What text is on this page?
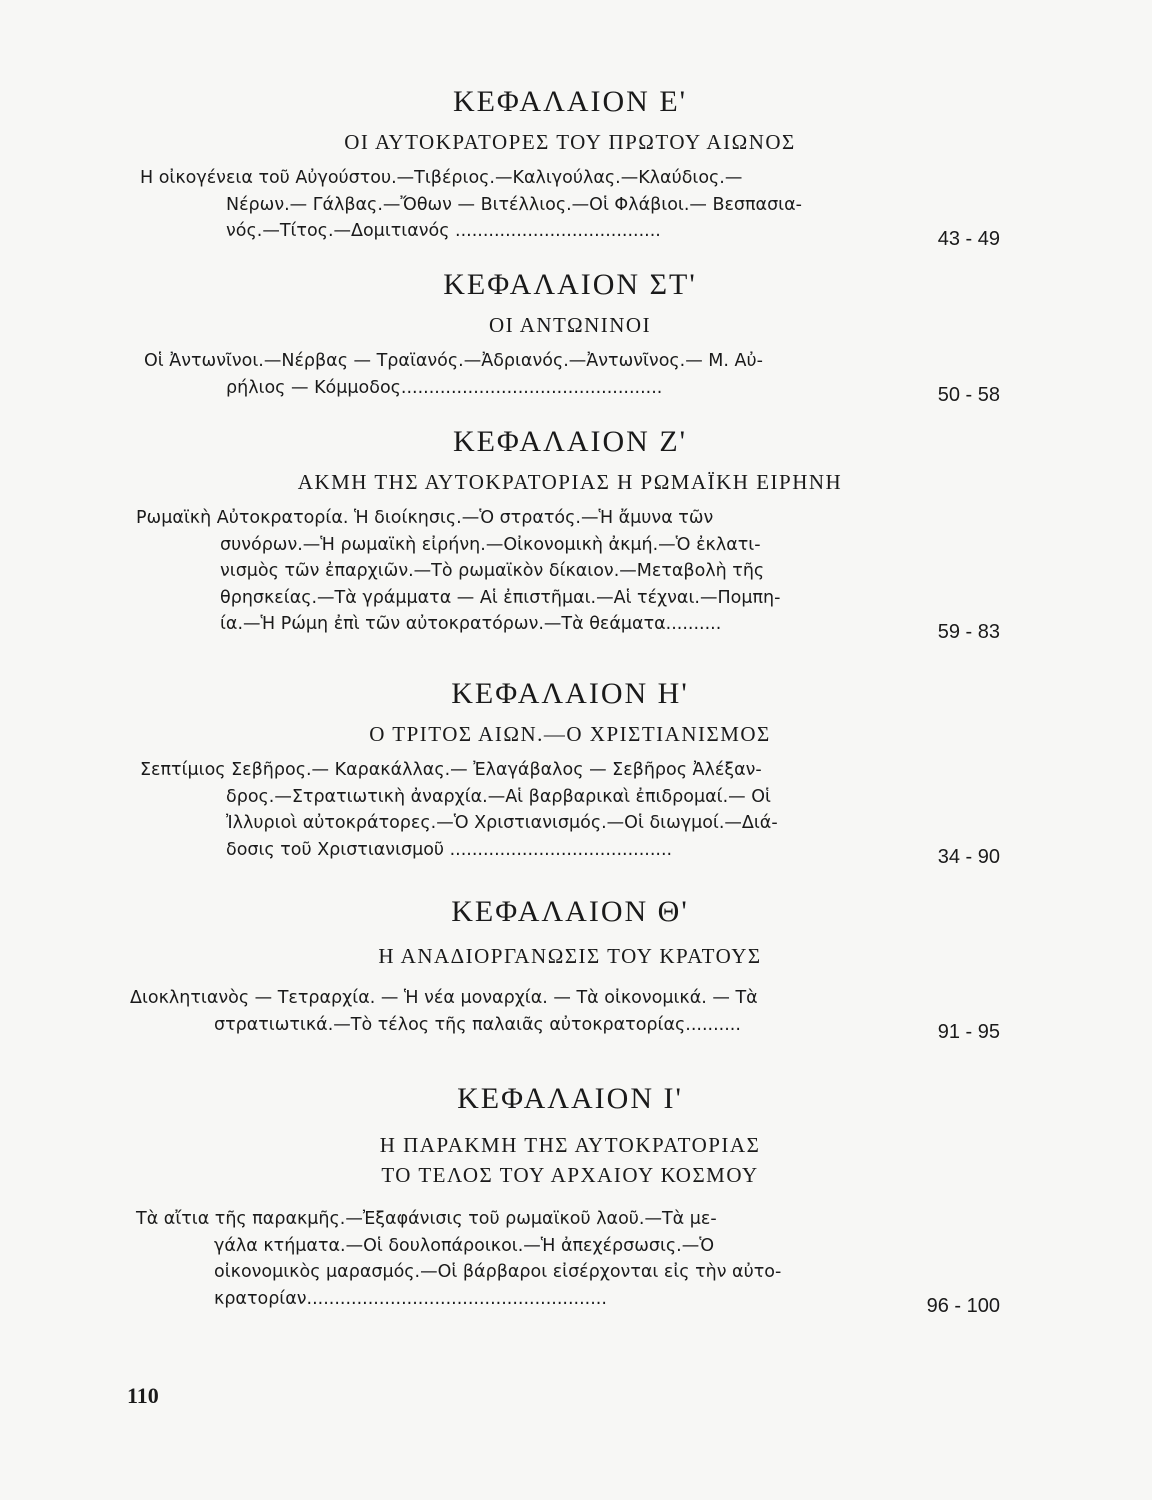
ΚΕΦΑΛΑΙΟΝ Ε'
ΟΙ ΑΥΤΟΚΡΑΤΟΡΕΣ ΤΟΥ ΠΡΩΤΟΥ ΑΙΩΝΟΣ
Η οἰκογένεια τοῦ Αὐγούστου.—Τιβέριος.—Καλιγούλας.—Κλαύδιος.—
Νέρων.— Γάλβας.—Ὄθων — Βιτέλλιος.—Οἱ Φλάβιοι.— Βεσπασια-
νός.—Τίτος.—Δομιτιανός .....................................	43 - 49
ΚΕΦΑΛΑΙΟΝ ΣΤ'
ΟΙ ΑΝΤΩΝΙΝΟΙ
Οἱ Ἀντωνῖνοι.—Νέρβας — Τραϊανός.—Ἀδριανός.—Ἀντωνῖνος.— Μ. Αὐ-
ρήλιος — Κόμμοδος...............................................	50 - 58
ΚΕΦΑΛΑΙΟΝ Ζ'
ΑΚΜΗ ΤΗΣ ΑΥΤΟΚΡΑΤΟΡΙΑΣ Η ΡΩΜΑΪΚΗ ΕΙΡΗΝΗ
Ρωμαϊκὴ Αὐτοκρατορία. Ἡ διοίκησις.—Ὁ στρατός.—Ἡ ἄμυνα τῶν
συνόρων.—Ἡ ρωμαϊκὴ εἰρήνη.—Οἰκονομικὴ ἀκμή.—Ὁ ἐκλατι-
νισμὸς τῶν ἐπαρχιῶν.—Τὸ ρωμαϊκὸν δίκαιον.—Μεταβολὴ τῆς
θρησκείας.—Τὰ γράμματα — Αἱ ἐπιστῆμαι.—Αἱ τέχναι.—Πομπη-
ία.—Ἡ Ρώμη ἐπὶ τῶν αὐτοκρατόρων.—Τὰ θεάματα..........	59 - 83
ΚΕΦΑΛΑΙΟΝ Η'
Ο ΤΡΙΤΟΣ ΑΙΩΝ.—Ο ΧΡΙΣΤΙΑΝΙΣΜΟΣ
Σεπτίμιος Σεβῆρος.— Καρακάλλας.— Ἐλαγάβαλος — Σεβῆρος Ἀλέξαν-
δρος.—Στρατιωτικὴ ἀναρχία.—Αἱ βαρβαρικαὶ ἐπιδρομαί.— Οἱ
Ἰλλυριοὶ αὐτοκράτορες.—Ὁ Χριστιανισμός.—Οἱ διωγμοί.—Διά-
δοσις τοῦ Χριστιανισμοῦ ........................................	34 - 90
ΚΕΦΑΛΑΙΟΝ Θ'
Η ΑΝΑΔΙΟΡΓΑΝΩΣΙΣ ΤΟΥ ΚΡΑΤΟΥΣ
Διοκλητιανὸς — Τετραρχία. — Ἡ νέα μοναρχία. — Τὰ οἰκονομικά. — Τὰ
στρατιωτικά.—Τὸ τέλος τῆς παλαιᾶς αὐτοκρατορίας..........	91 - 95
ΚΕΦΑΛΑΙΟΝ Ι'
Η ΠΑΡΑΚΜΗ ΤΗΣ ΑΥΤΟΚΡΑΤΟΡΙΑΣ
ΤΟ ΤΕΛΟΣ ΤΟΥ ΑΡΧΑΙΟΥ ΚΟΣΜΟΥ
Τὰ αἴτια τῆς παρακμῆς.—Ἐξαφάνισις τοῦ ρωμαϊκοῦ λαοῦ.—Τὰ με-
γάλα κτήματα.—Οἱ δουλοπάροικοι.—Ἡ ἀπεχέρσωσις.—Ὁ
οἰκονομικὸς μαρασμός.—Οἱ βάρβαροι εἰσέρχονται εἰς τὴν αὐτο-
κρατορίαν......................................................	96 - 100
110
